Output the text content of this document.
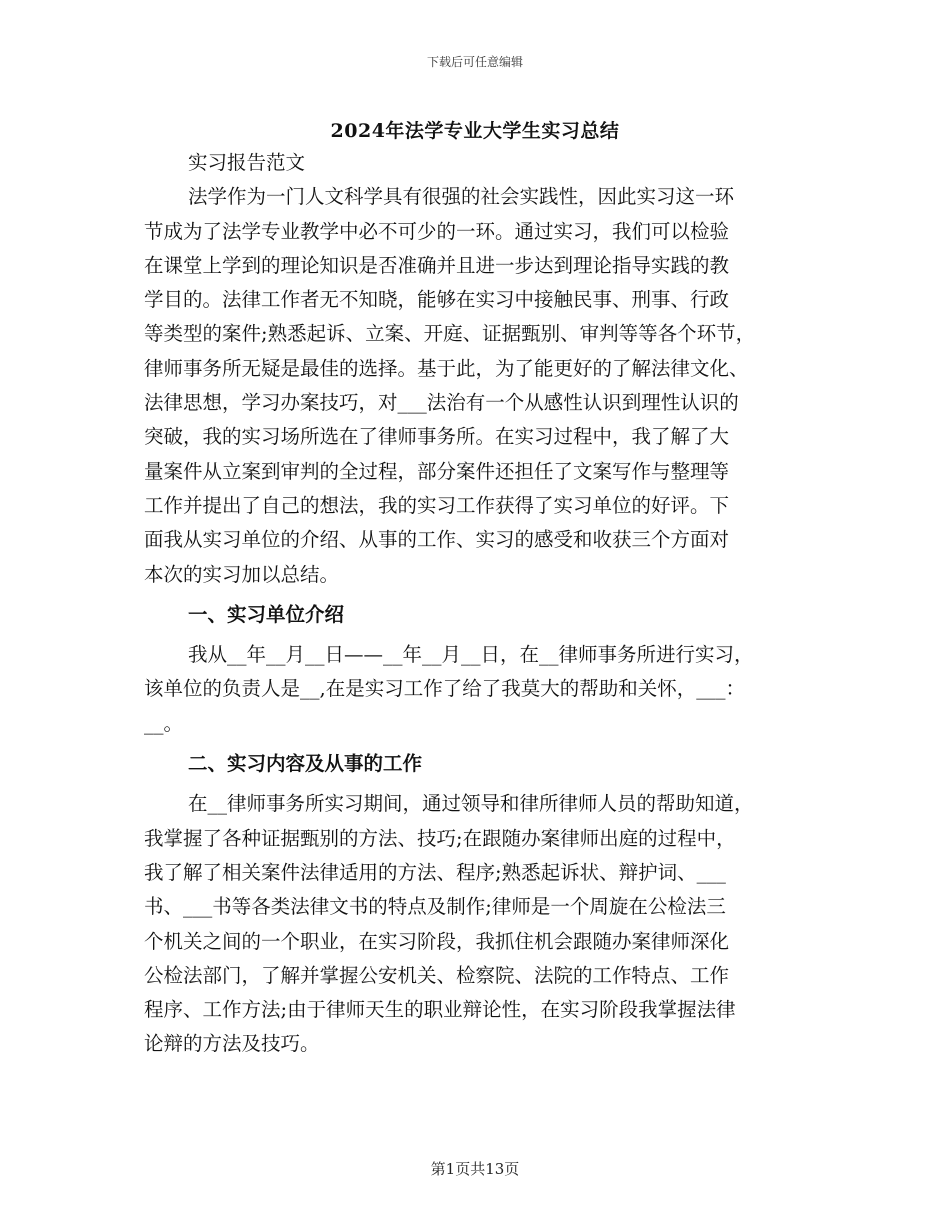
下载后可任意编辑
2024年法学专业大学生实习总结
实习报告范文
法学作为一门人文科学具有很强的社会实践性，因此实习这一环
节成为了法学专业教学中必不可少的一环。通过实习，我们可以检验
在课堂上学到的理论知识是否准确并且进一步达到理论指导实践的教
学目的。法律工作者无不知晓，能够在实习中接触民事、刑事、行政
等类型的案件;熟悉起诉、立案、开庭、证据甄别、审判等等各个环节，
律师事务所无疑是最佳的选择。基于此，为了能更好的了解法律文化、
法律思想，学习办案技巧，对___法治有一个从感性认识到理性认识的
突破，我的实习场所选在了律师事务所。在实习过程中，我了解了大
量案件从立案到审判的全过程，部分案件还担任了文案写作与整理等
工作并提出了自己的想法，我的实习工作获得了实习单位的好评。下
面我从实习单位的介绍、从事的工作、实习的感受和收获三个方面对
本次的实习加以总结。
一、实习单位介绍
我从__年__月__日——__年__月__日，在__律师事务所进行实习，
该单位的负责人是__,在是实习工作了给了我莫大的帮助和关怀，___：
__。
二、实习内容及从事的工作
在__律师事务所实习期间，通过领导和律所律师人员的帮助知道，
我掌握了各种证据甄别的方法、技巧;在跟随办案律师出庭的过程中，
我了解了相关案件法律适用的方法、程序;熟悉起诉状、辩护词、___
书、___书等各类法律文书的特点及制作;律师是一个周旋在公检法三
个机关之间的一个职业，在实习阶段，我抓住机会跟随办案律师深化
公检法部门，了解并掌握公安机关、检察院、法院的工作特点、工作
程序、工作方法;由于律师天生的职业辩论性，在实习阶段我掌握法律
论辩的方法及技巧。
第1页共13页
